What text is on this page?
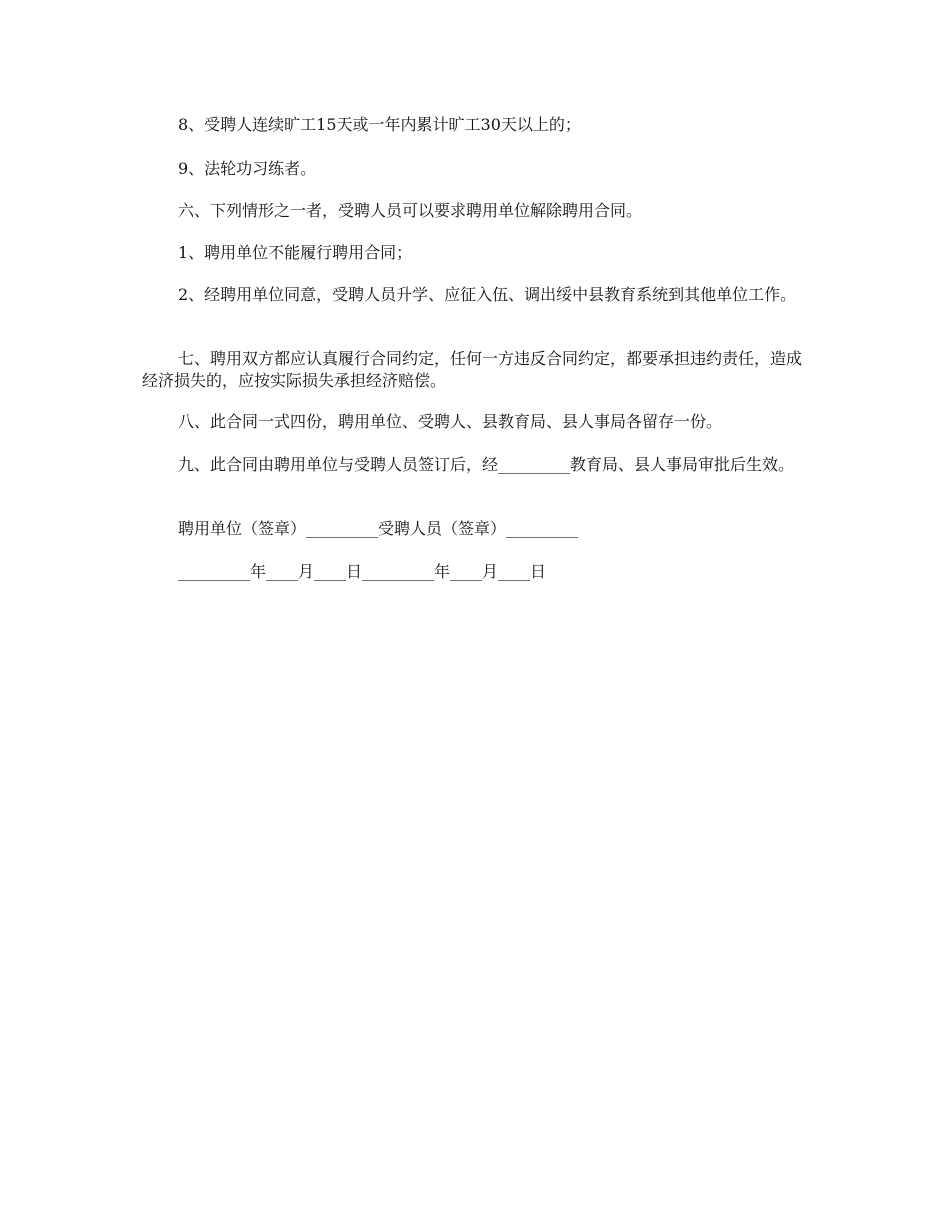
8、受聘人连续旷工15天或一年内累计旷工30天以上的；

9、法轮功习练者。

六、下列情形之一者，受聘人员可以要求聘用单位解除聘用合同。

1、聘用单位不能履行聘用合同；

2、经聘用单位同意，受聘人员升学、应征入伍、调出绥中县教育系统到其他单位工作。

七、聘用双方都应认真履行合同约定，任何一方违反合同约定，都要承担违约责任，造成经济损失的，应按实际损失承担经济赔偿。

八、此合同一式四份，聘用单位、受聘人、县教育局、县人事局各留存一份。

九、此合同由聘用单位与受聘人员签订后，经_________教育局、县人事局审批后生效。

聘用单位（签章）_________受聘人员（签章）_________

_________年____月____日_________年____月____日
